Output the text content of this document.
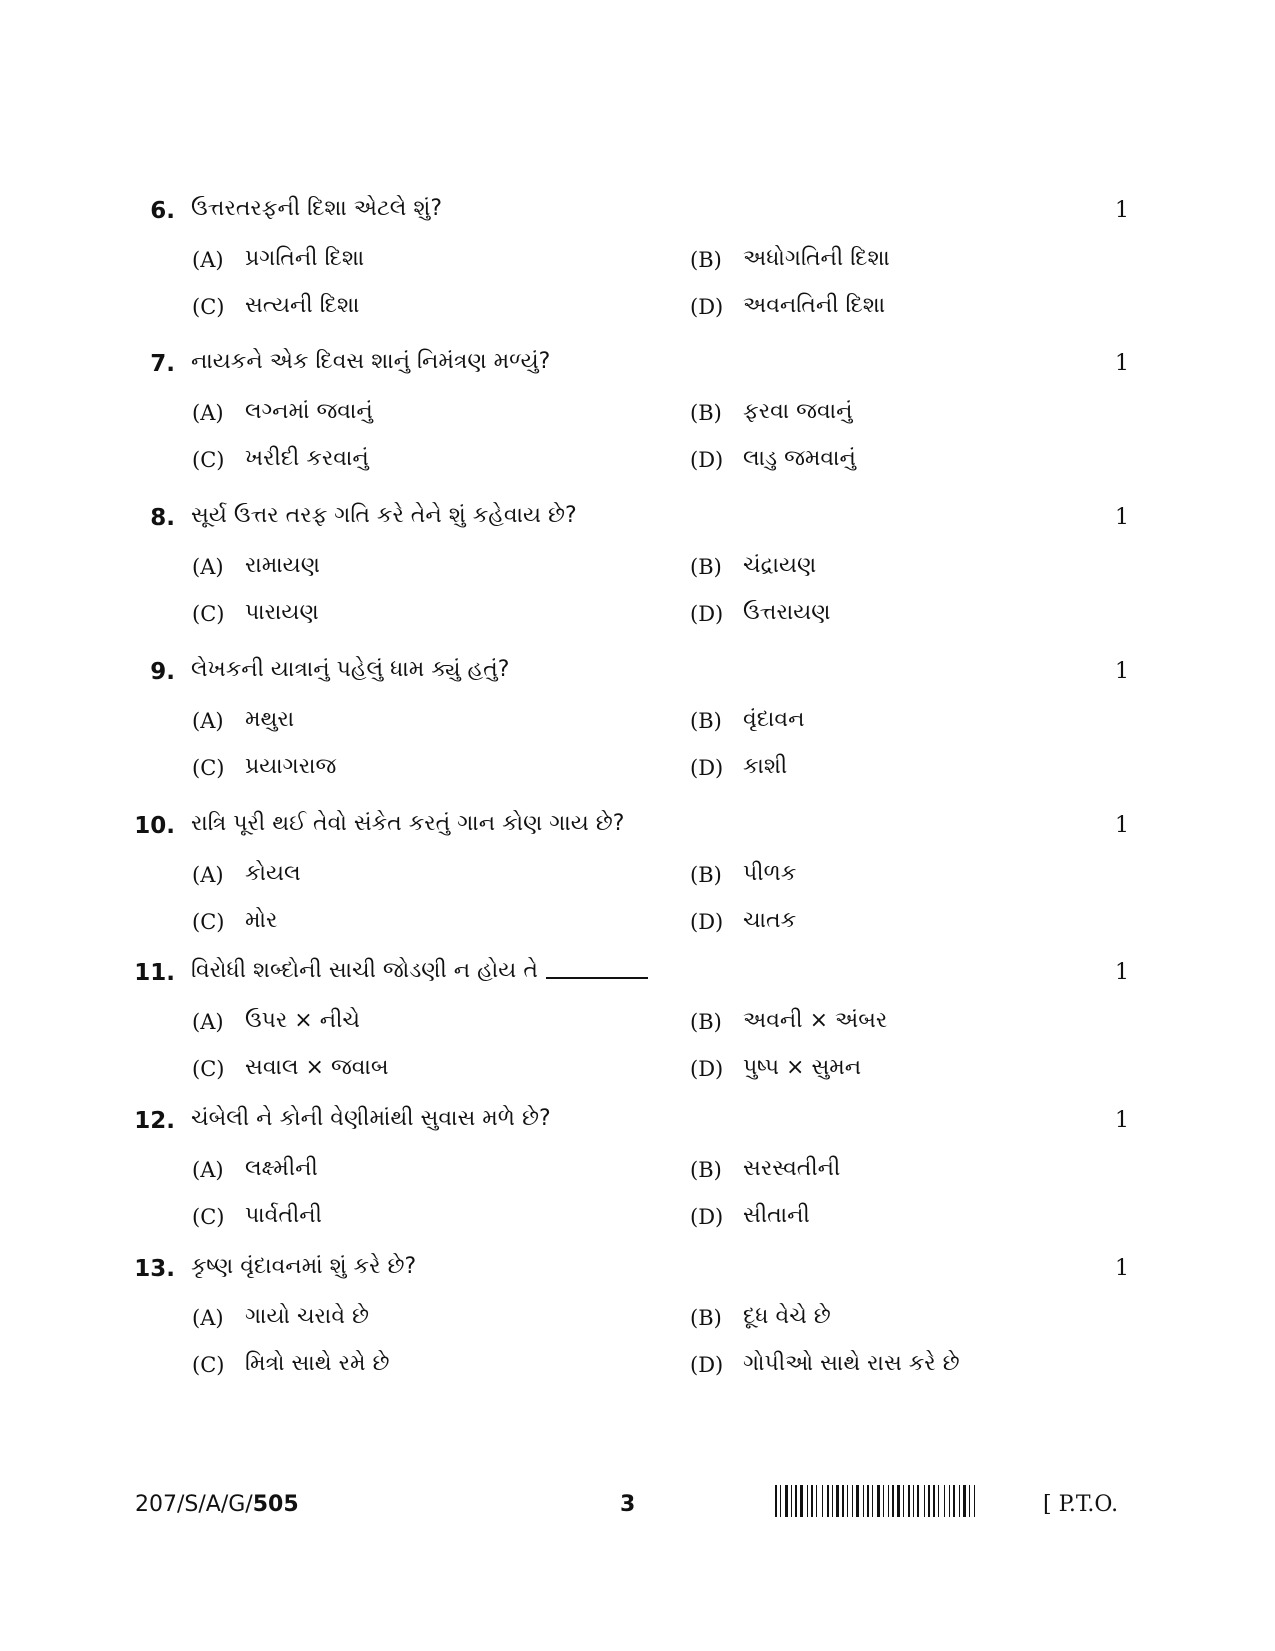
6. ઉત્તરતરફની દિશા એટલે શું?	1
(A) પ્રગતિની દિશા	(B) અધોગતિની દિશા
(C) સત્યની દિશા	(D) અવનતિની દિશા
7. નાયકને એક દિવસ શાનું નિમંત્રણ મળ્યું?	1
(A) લગ્નમાં જવાનું	(B) ફરવા જવાનું
(C) ખરીદી કરવાનું	(D) લાડુ જમવાનું
8. સૂર્ય ઉત્તર તરફ ગતિ કરે તેને શું કહેવાય છે?	1
(A) રામાયણ	(B) ચંદ્રાયણ
(C) પારાયણ	(D) ઉત્તરાયણ
9. લેખકની યાત્રાનું પહેલું ધામ ક્યું હતું?	1
(A) મથુરા	(B) વૃંદાવન
(C) પ્રયાગરાજ	(D) કાશી
10. રાત્રિ પૂરી થઈ તેવો સંકેત કરતું ગાન કોણ ગાય છે?	1
(A) કોયલ	(B) પીળક
(C) મોર	(D) ચાતક
11. વિરોધી શબ્દોની સાચી જોડણી ન હોય તે	1
(A) ઉપર × નીચે	(B) અવની × અંબર
(C) સવાલ × જવાબ	(D) પુષ્પ × સુમન
12. ચંબેલી ને કોની વેણીમાંથી સુવાસ મળે છે?	1
(A) લક્ષ્મીની	(B) સરસ્વતીની
(C) પાર્વતીની	(D) સીતાની
13. કૃષ્ણ વૃંદાવનમાં શું કરે છે?	1
(A) ગાયો ચરાવે છે	(B) દૂધ વેચે છે
(C) મિત્રો સાથે રમે છે	(D) ગોપીઓ સાથે રાસ કરે છે
207/S/A/G/505	3	[ P.T.O.
